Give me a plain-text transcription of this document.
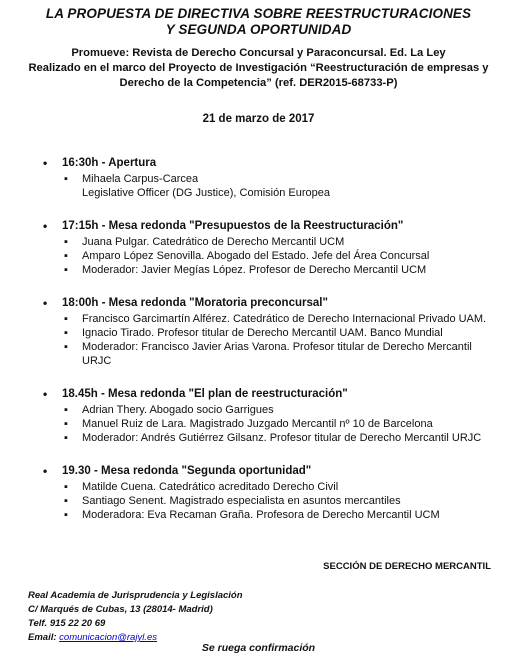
LA PROPUESTA DE DIRECTIVA SOBRE REESTRUCTURACIONES
Y SEGUNDA OPORTUNIDAD
Promueve: Revista de Derecho Concursal y Paraconcursal. Ed. La Ley
Realizado en el marco del Proyecto de Investigación “Reestructuración de empresas y
Derecho de la Competencia” (ref. DER2015-68733-P)
21 de marzo de 2017
• 16:30h - Apertura
▪ Mihaela Carpus-Carcea
Legislative Officer (DG Justice), Comisión Europea
• 17:15h - Mesa redonda "Presupuestos de la Reestructuración"
▪ Juana Pulgar. Catedrático de Derecho Mercantil UCM
▪ Amparo López Senovilla. Abogado del Estado. Jefe del Área Concursal
▪ Moderador: Javier Megías López. Profesor de Derecho Mercantil UCM
• 18:00h - Mesa redonda "Moratoria preconcursal"
▪ Francisco Garcimartín Alférez. Catedrático de Derecho Internacional Privado UAM.
▪ Ignacio Tirado. Profesor titular de Derecho Mercantil UAM. Banco Mundial
▪ Moderador: Francisco Javier Arias Varona. Profesor titular de Derecho Mercantil
URJC
• 18.45h - Mesa redonda "El plan de reestructuración"
▪ Adrian Thery. Abogado socio Garrigues
▪ Manuel Ruiz de Lara. Magistrado Juzgado Mercantil nº 10 de Barcelona
▪ Moderador: Andrés Gutiérrez Gilsanz. Profesor titular de Derecho Mercantil URJC
• 19.30 - Mesa redonda "Segunda oportunidad"
▪ Matilde Cuena. Catedrático acreditado Derecho Civil
▪ Santiago Senent. Magistrado especialista en asuntos mercantiles
▪ Moderadora: Eva Recaman Graña. Profesora de Derecho Mercantil UCM
SECCIÓN DE DERECHO MERCANTIL
Real Academia de Jurisprudencia y Legislación
C/ Marqués de Cubas, 13 (28014- Madrid)
Telf. 915 22 20 69
Email: comunicacion@rajyl.es
Se ruega confirmación
